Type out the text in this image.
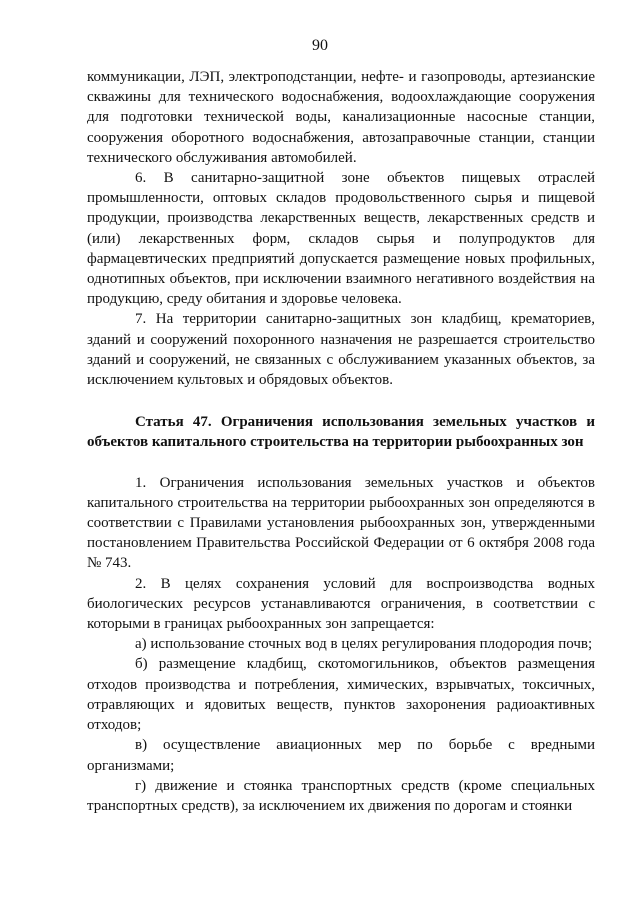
90

коммуникации, ЛЭП, электроподстанции, нефте- и газопроводы, артезианские скважины для технического водоснабжения, водоохлаждающие сооружения для подготовки технической воды, канализационные насосные станции, сооружения оборотного водоснабжения, автозаправочные станции, станции технического обслуживания автомобилей.

6. В санитарно-защитной зоне объектов пищевых отраслей промышленности, оптовых складов продовольственного сырья и пищевой продукции, производства лекарственных веществ, лекарственных средств и (или) лекарственных форм, складов сырья и полупродуктов для фармацевтических предприятий допускается размещение новых профильных, однотипных объектов, при исключении взаимного негативного воздействия на продукцию, среду обитания и здоровье человека.

7. На территории санитарно-защитных зон кладбищ, крематориев, зданий и сооружений похоронного назначения не разрешается строительство зданий и сооружений, не связанных с обслуживанием указанных объектов, за исключением культовых и обрядовых объектов.

Статья 47. Ограничения использования земельных участков и объектов капитального строительства на территории рыбоохранных зон

1. Ограничения использования земельных участков и объектов капитального строительства на территории рыбоохранных зон определяются в соответствии с Правилами установления рыбоохранных зон, утвержденными постановлением Правительства Российской Федерации от 6 октября 2008 года № 743.

2. В целях сохранения условий для воспроизводства водных биологических ресурсов устанавливаются ограничения, в соответствии с которыми в границах рыбоохранных зон запрещается:

а) использование сточных вод в целях регулирования плодородия почв;

б) размещение кладбищ, скотомогильников, объектов размещения отходов производства и потребления, химических, взрывчатых, токсичных, отравляющих и ядовитых веществ, пунктов захоронения радиоактивных отходов;

в) осуществление авиационных мер по борьбе с вредными организмами;

г) движение и стоянка транспортных средств (кроме специальных транспортных средств), за исключением их движения по дорогам и стоянки
